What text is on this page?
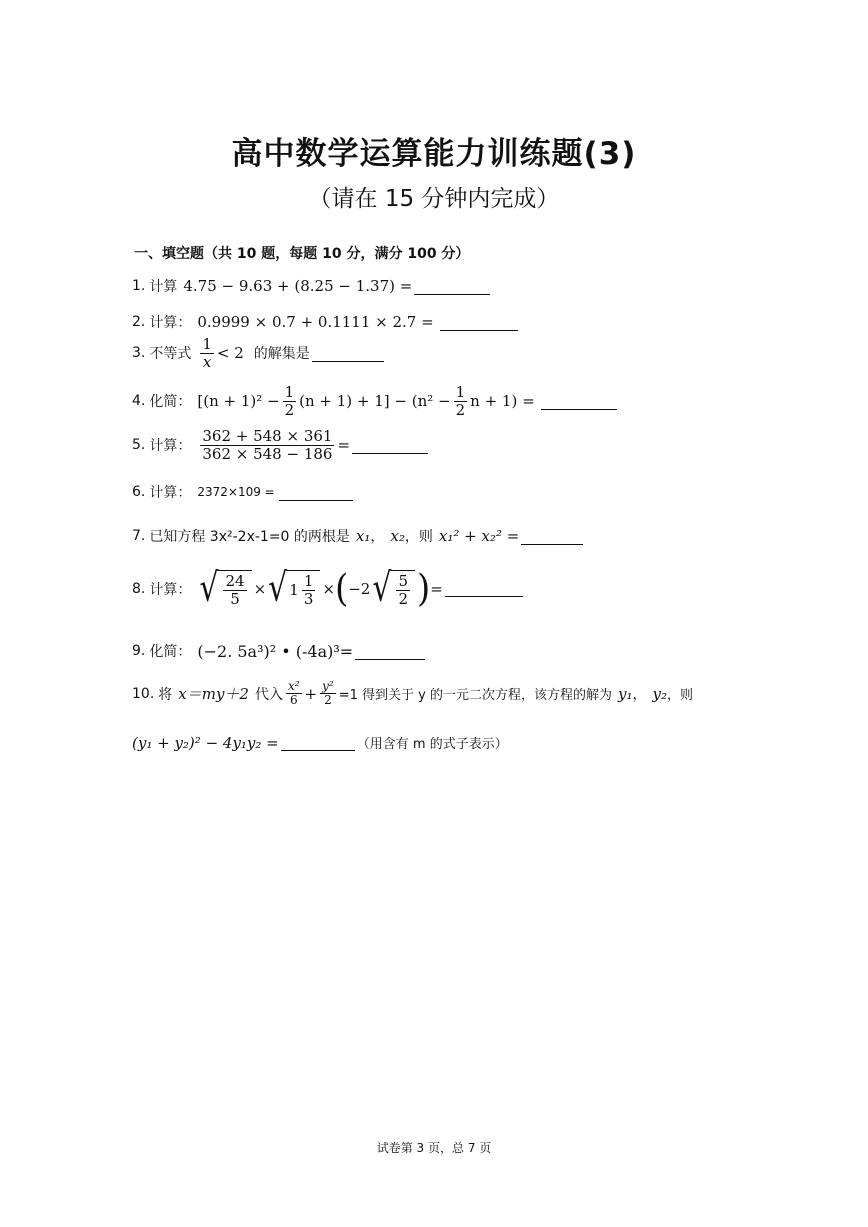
高中数学运算能力训练题(3)
（请在 15 分钟内完成）
一、填空题（共 10 题，每题 10 分，满分 100 分）
1. 计算 4.75 − 9.63 + (8.25 − 1.37) =
2. 计算： 0.9999 × 0.7 + 0.1111 × 2.7 =
3. 不等式 $\frac{1}{x} < 2$ 的解集是
4. 化简： $[(n + 1)^2 - \frac{1}{2} (n + 1) + 1] - (n^2 - \frac{1}{2}$ n + 1) =
5. 计算： $\frac{362 + 548 \times 361}{362 \times 548 - 186}$ =
6. 计算： 2372×109 =
7. 已知方程 3x²-2x-1=0 的两根是 x₁ ， x₂ ，则 x₁² + x₂² =
8. 计算： √ $\frac{24}{5}$ × √ $1 \frac{1}{3}$ × ( −2 √ $\frac{5}{2}$ ) =
9. 化简： (−2. 5a³)² • (-4a)³=
10. 将 x＝my＋2 代入 $\frac{\text{x²}}{6} + \frac{\text{y²}}{2} =1$ 得到关于 y 的一元二次方程，该方程的解为 y₁ ， y₂ ，则
(y₁ + y₂)² − 4y₁y₂ =	（用含有 m 的式子表示）
试卷第 3 页，总 7 页
